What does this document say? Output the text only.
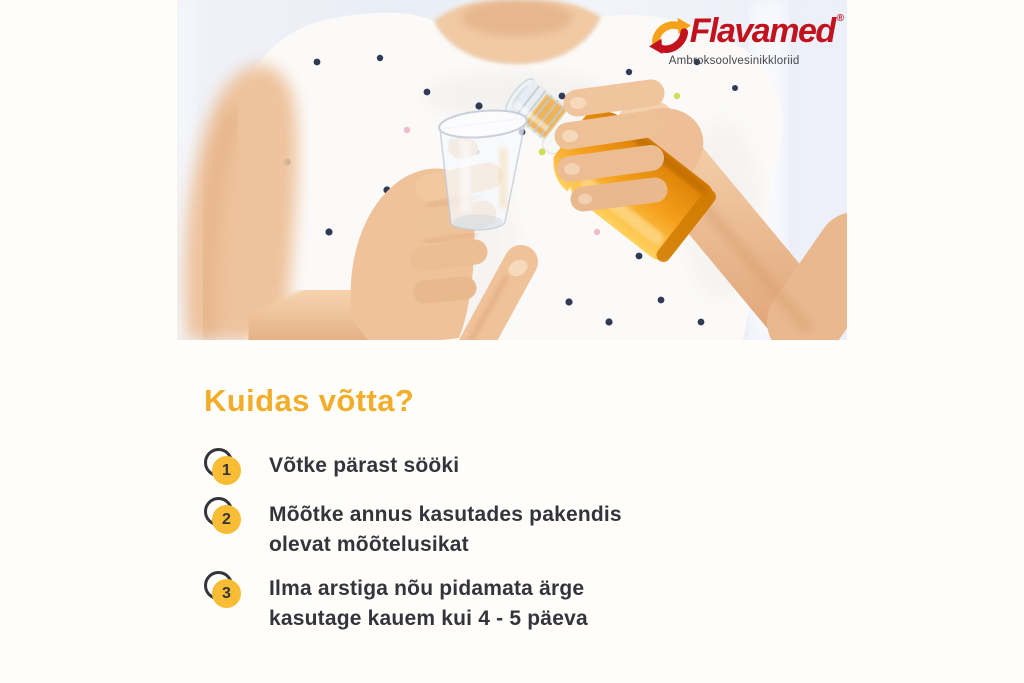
Flavamed ®
Ambroksoolvesinikkloriid
Kuidas võtta?
1	Võtke pärast sööki
2	Mõõtke annus kasutades pakendis
olevat mõõtelusikat
3	Ilma arstiga nõu pidamata ärge
kasutage kauem kui 4 - 5 päeva
